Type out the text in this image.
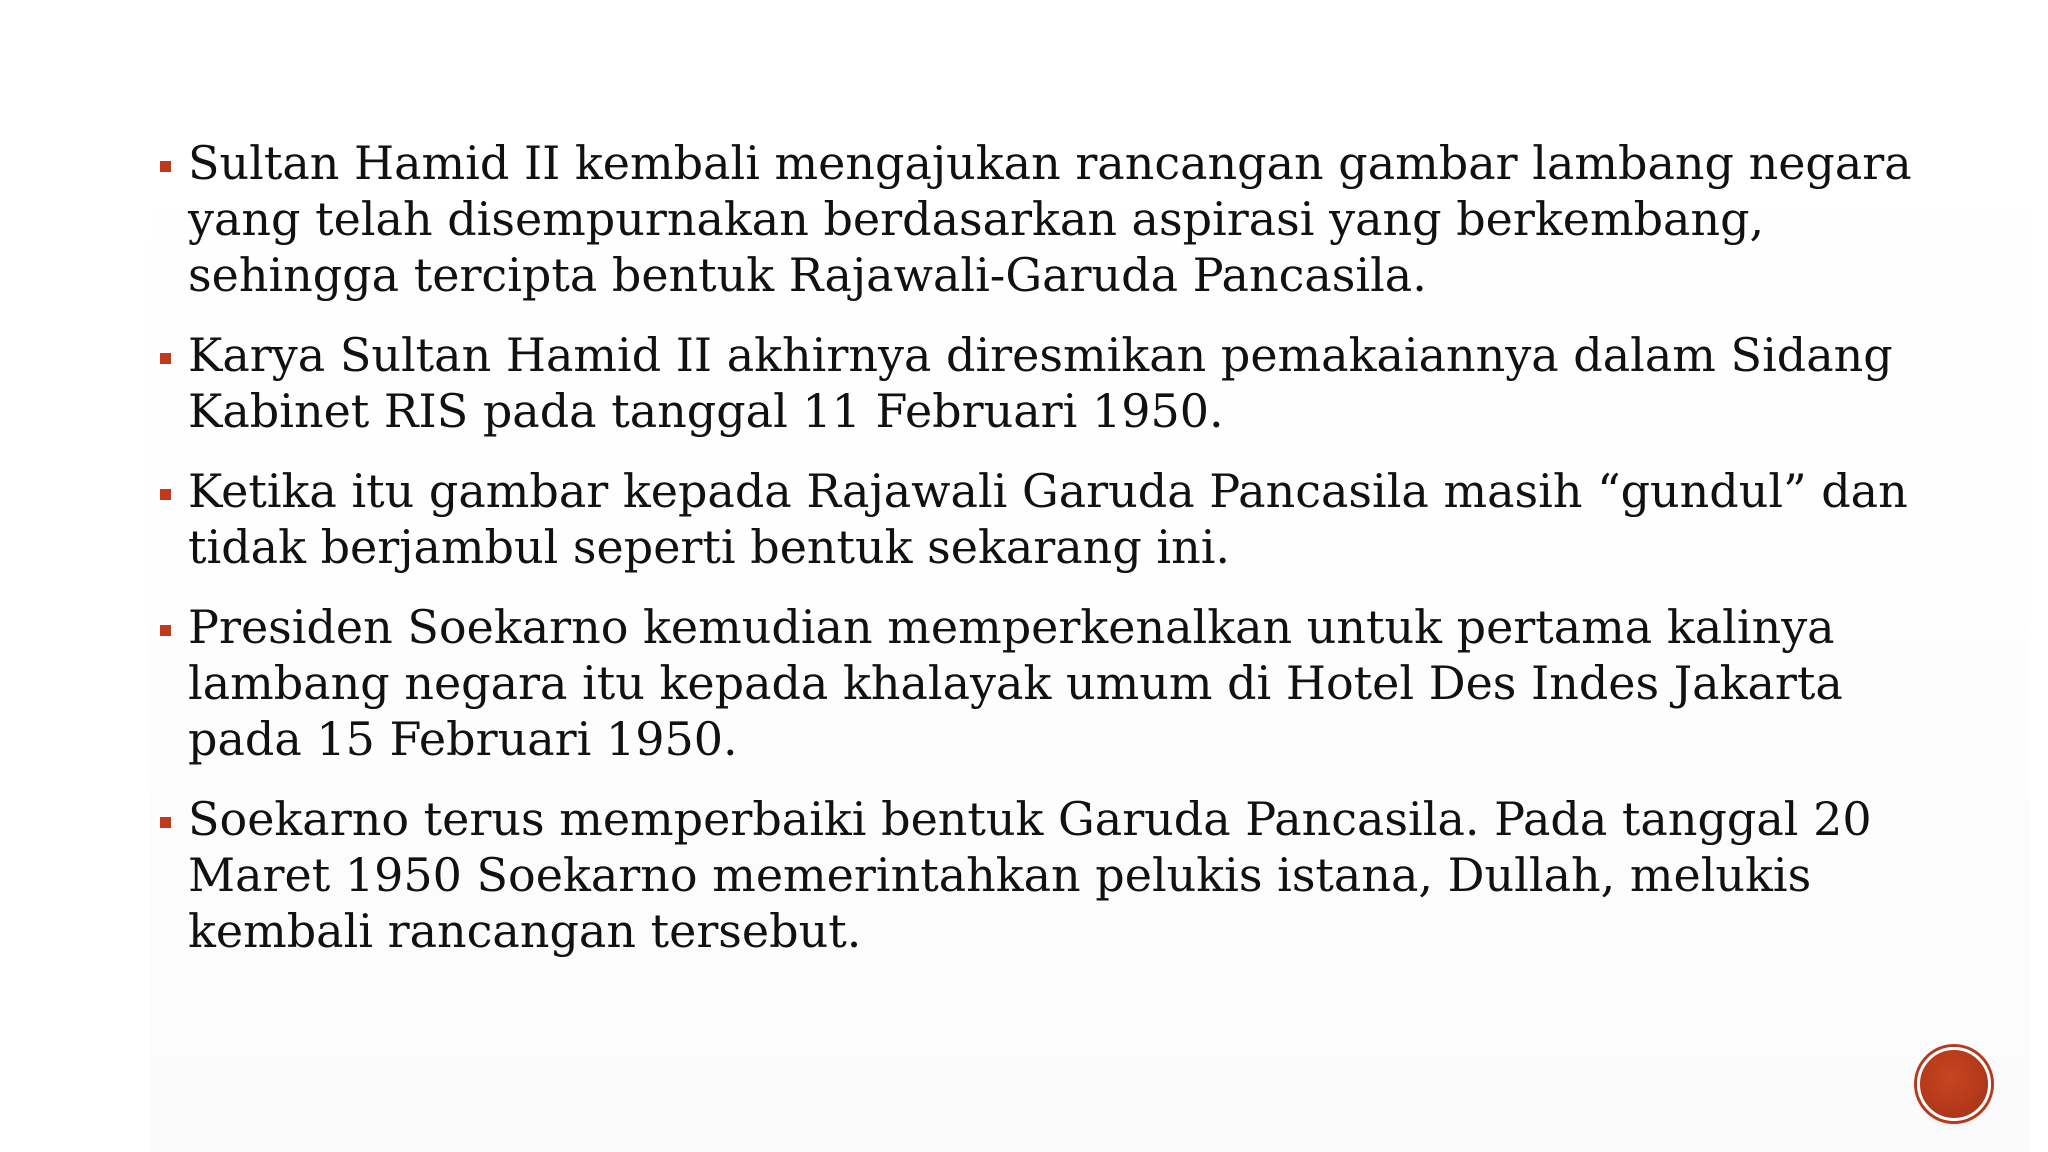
Sultan Hamid II kembali mengajukan rancangan gambar lambang negara yang telah disempurnakan berdasarkan aspirasi yang berkembang, sehingga tercipta bentuk Rajawali-Garuda Pancasila.
Karya Sultan Hamid II akhirnya diresmikan pemakaiannya dalam Sidang Kabinet RIS pada tanggal 11 Februari 1950.
Ketika itu gambar kepada Rajawali Garuda Pancasila masih “gundul” dan tidak berjambul seperti bentuk sekarang ini.
Presiden Soekarno kemudian memperkenalkan untuk pertama kalinya lambang negara itu kepada khalayak umum di Hotel Des Indes Jakarta pada 15 Februari 1950.
Soekarno terus memperbaiki bentuk Garuda Pancasila. Pada tanggal 20 Maret 1950 Soekarno memerintahkan pelukis istana, Dullah, melukis kembali rancangan tersebut.
